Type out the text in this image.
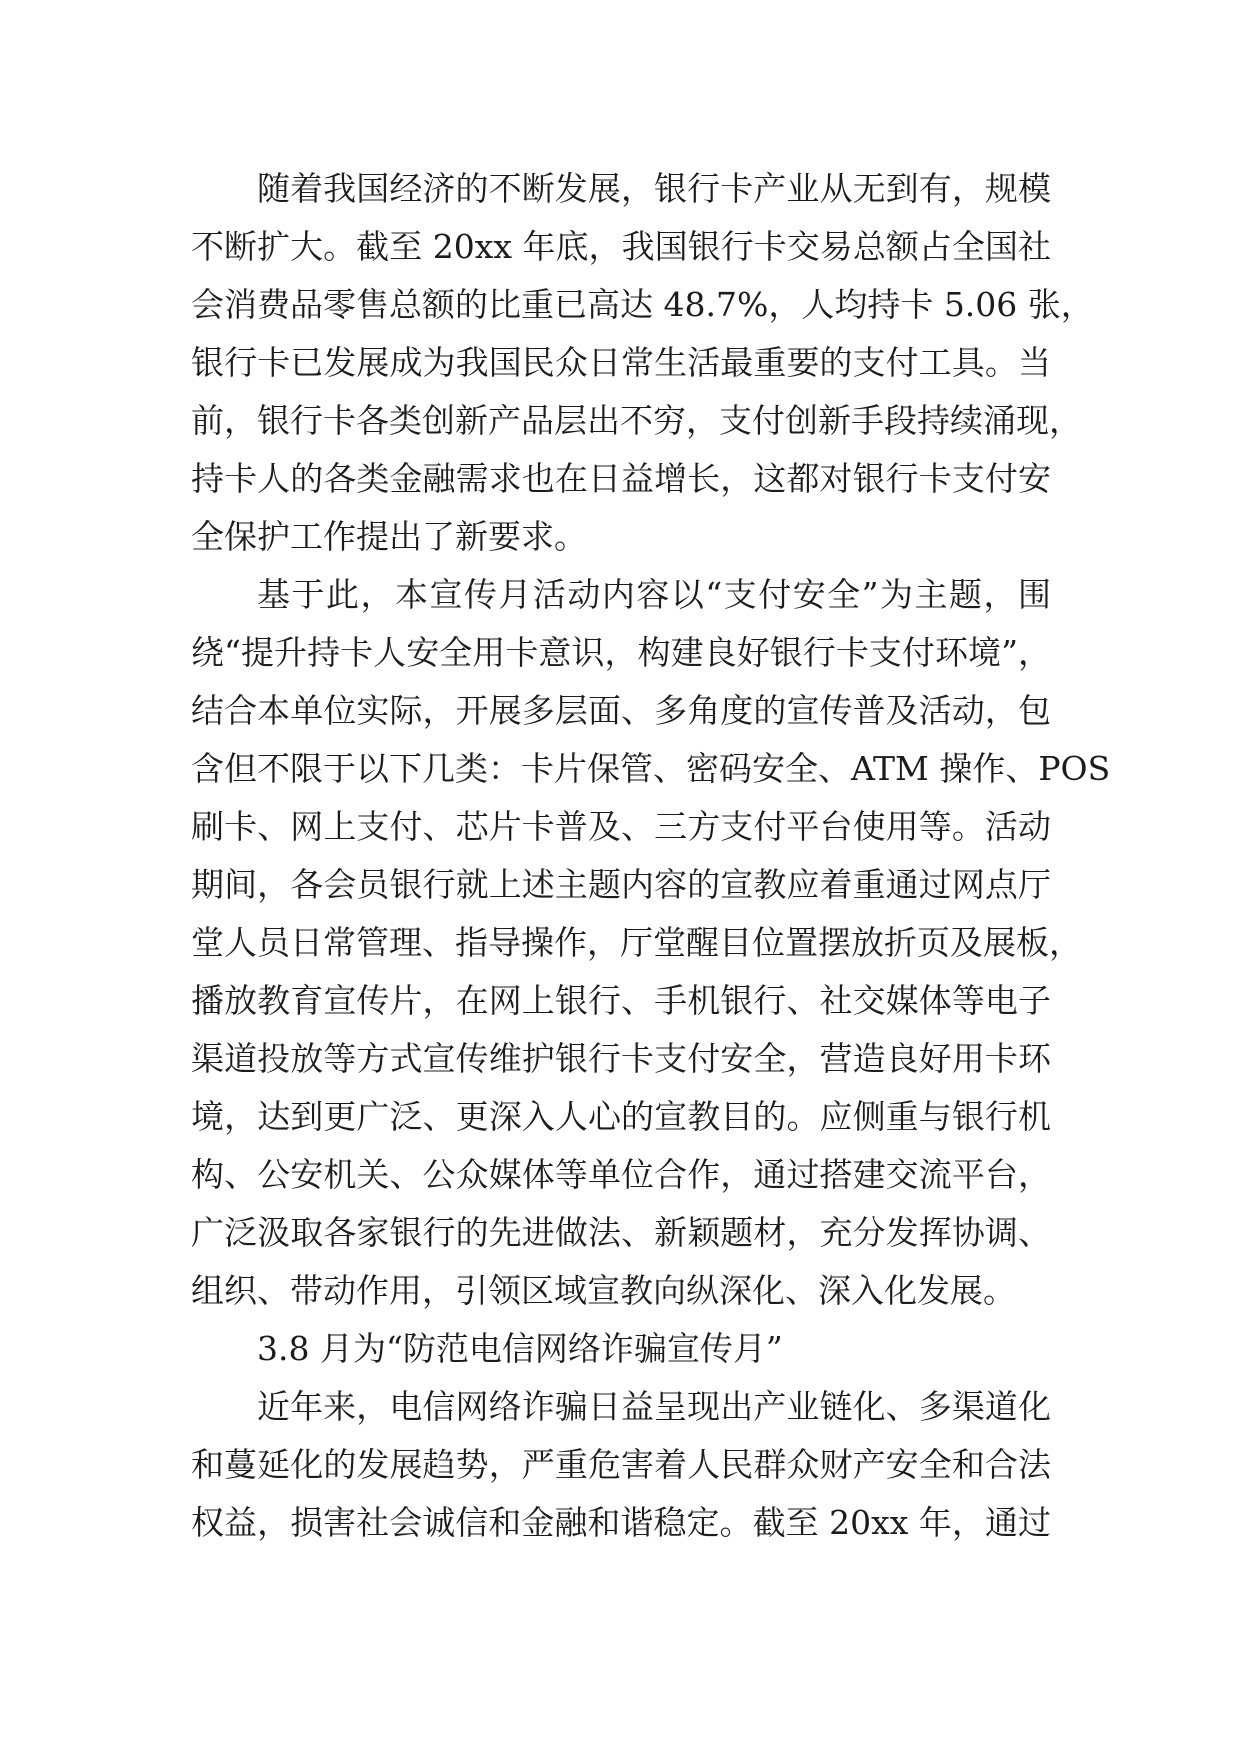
随着我国经济的不断发展，银行卡产业从无到有，规模
不断扩大。截至 20xx 年底，我国银行卡交易总额占全国社
会消费品零售总额的比重已高达 48.7%，人均持卡 5.06 张，
银行卡已发展成为我国民众日常生活最重要的支付工具。当
前，银行卡各类创新产品层出不穷，支付创新手段持续涌现，
持卡人的各类金融需求也在日益增长，这都对银行卡支付安
全保护工作提出了新要求。
基于此，本宣传月活动内容以“支付安全”为主题，围
绕“提升持卡人安全用卡意识，构建良好银行卡支付环境”，
结合本单位实际，开展多层面、多角度的宣传普及活动，包
含但不限于以下几类：卡片保管、密码安全、ATM 操作、POS
刷卡、网上支付、芯片卡普及、三方支付平台使用等。活动
期间，各会员银行就上述主题内容的宣教应着重通过网点厅
堂人员日常管理、指导操作，厅堂醒目位置摆放折页及展板，
播放教育宣传片，在网上银行、手机银行、社交媒体等电子
渠道投放等方式宣传维护银行卡支付安全，营造良好用卡环
境，达到更广泛、更深入人心的宣教目的。应侧重与银行机
构、公安机关、公众媒体等单位合作，通过搭建交流平台，
广泛汲取各家银行的先进做法、新颖题材，充分发挥协调、
组织、带动作用，引领区域宣教向纵深化、深入化发展。
3.8 月为“防范电信网络诈骗宣传月”
近年来，电信网络诈骗日益呈现出产业链化、多渠道化
和蔓延化的发展趋势，严重危害着人民群众财产安全和合法
权益，损害社会诚信和金融和谐稳定。截至 20xx 年，通过
